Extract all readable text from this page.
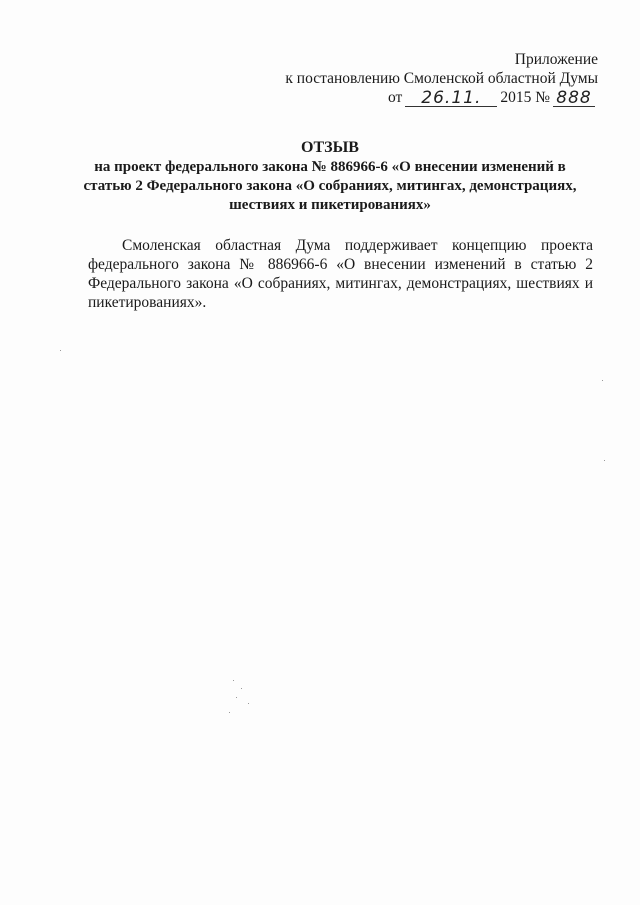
Приложение
к постановлению Смоленской областной Думы
от	26.11.	2015 № 888
ОТЗЫВ
на проект федерального закона № 886966-6 «О внесении изменений в
статью 2 Федерального закона «О собраниях, митингах, демонстрациях,
шествиях и пикетированиях»
Смоленская областная Дума поддерживает концепцию проекта федерального закона № 886966-6 «О внесении изменений в статью 2 Федерального закона «О собраниях, митингах, демонстрациях, шествиях и пикетированиях».
